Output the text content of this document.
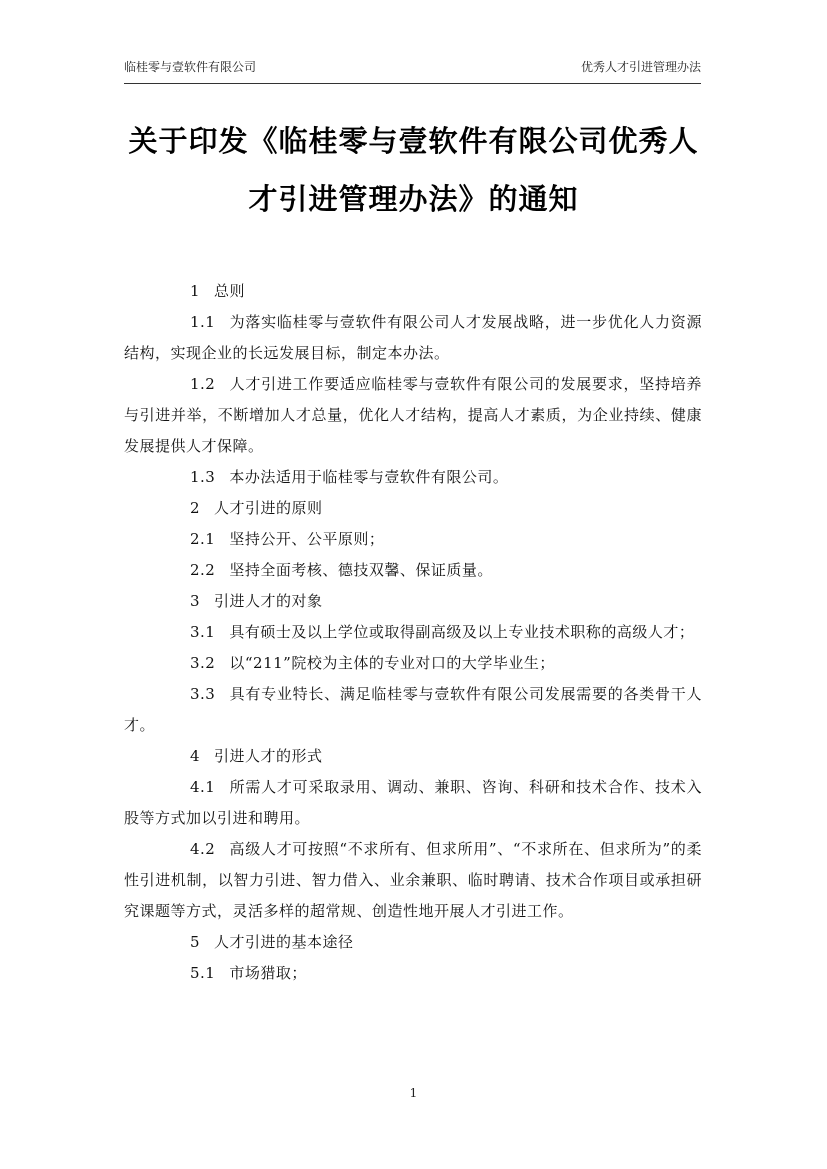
临桂零与壹软件有限公司	优秀人才引进管理办法
关于印发《临桂零与壹软件有限公司优秀人
才引进管理办法》的通知

1 总则

1.1 为落实临桂零与壹软件有限公司人才发展战略，进一步优化人力资源结构，实现企业的长远发展目标，制定本办法。

1.2 人才引进工作要适应临桂零与壹软件有限公司的发展要求，坚持培养与引进并举，不断增加人才总量，优化人才结构，提高人才素质，为企业持续、健康发展提供人才保障。

1.3 本办法适用于临桂零与壹软件有限公司。

2 人才引进的原则

2.1 坚持公开、公平原则；

2.2 坚持全面考核、德技双馨、保证质量。

3 引进人才的对象

3.1 具有硕士及以上学位或取得副高级及以上专业技术职称的高级人才；

3.2 以“211”院校为主体的专业对口的大学毕业生；

3.3 具有专业特长、满足临桂零与壹软件有限公司发展需要的各类骨干人才。

4 引进人才的形式

4.1 所需人才可采取录用、调动、兼职、咨询、科研和技术合作、技术入股等方式加以引进和聘用。

4.2 高级人才可按照“不求所有、但求所用”、“不求所在、但求所为”的柔性引进机制，以智力引进、智力借入、业余兼职、临时聘请、技术合作项目或承担研究课题等方式，灵活多样的超常规、创造性地开展人才引进工作。

5 人才引进的基本途径

5.1 市场猎取；

1
